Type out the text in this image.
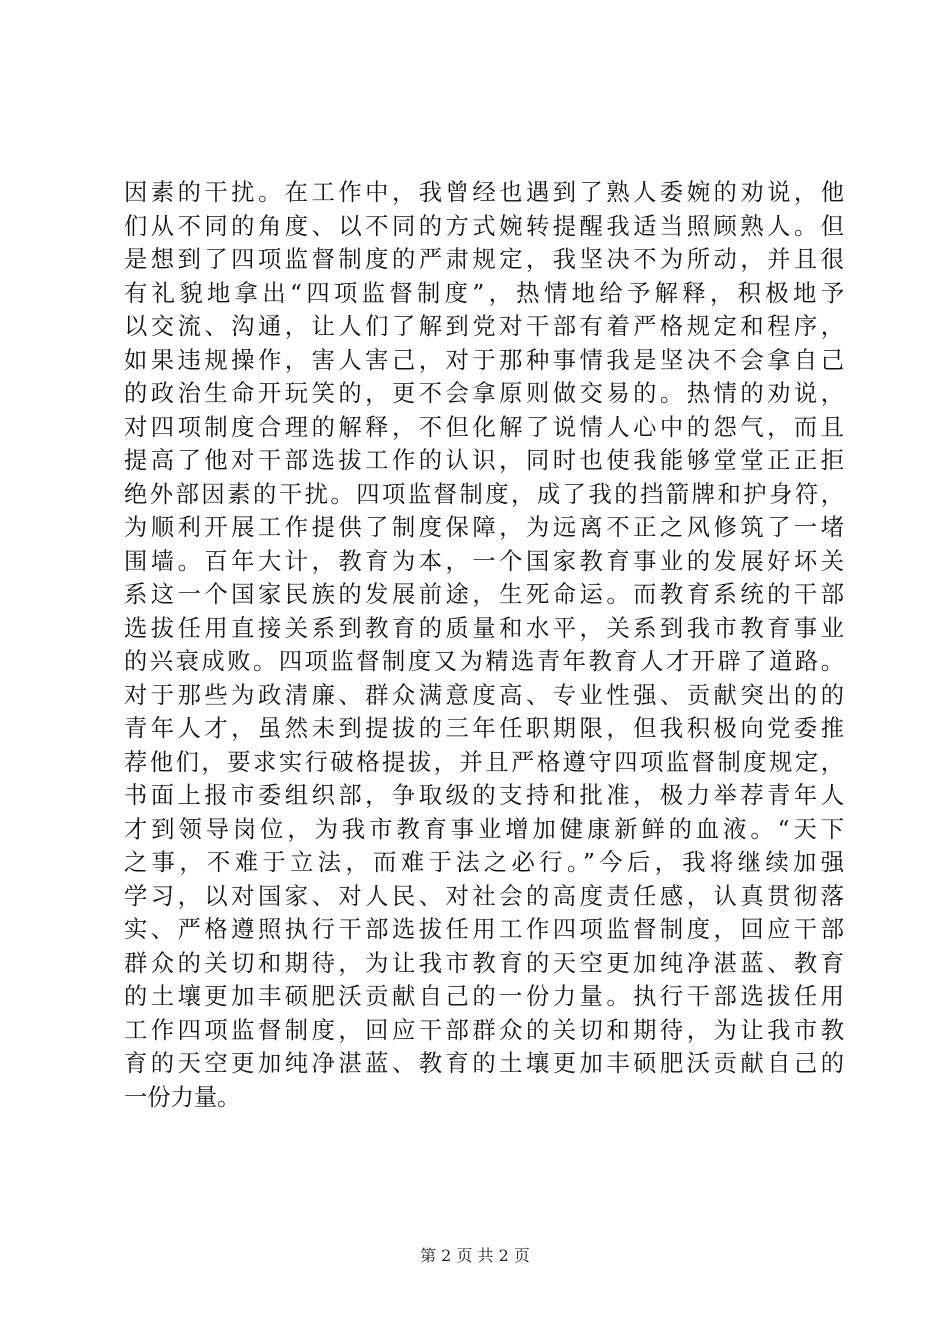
因素的干扰。在工作中，我曾经也遇到了熟人委婉的劝说，他
们从不同的角度、以不同的方式婉转提醒我适当照顾熟人。但
是想到了四项监督制度的严肃规定，我坚决不为所动，并且很
有礼貌地拿出“四项监督制度”，热情地给予解释，积极地予
以交流、沟通，让人们了解到党对干部有着严格规定和程序，
如果违规操作，害人害己，对于那种事情我是坚决不会拿自己
的政治生命开玩笑的，更不会拿原则做交易的。热情的劝说，
对四项制度合理的解释，不但化解了说情人心中的怨气，而且
提高了他对干部选拔工作的认识，同时也使我能够堂堂正正拒
绝外部因素的干扰。四项监督制度，成了我的挡箭牌和护身符，
为顺利开展工作提供了制度保障，为远离不正之风修筑了一堵
围墙。百年大计，教育为本，一个国家教育事业的发展好坏关
系这一个国家民族的发展前途，生死命运。而教育系统的干部
选拔任用直接关系到教育的质量和水平，关系到我市教育事业
的兴衰成败。四项监督制度又为精选青年教育人才开辟了道路。
对于那些为政清廉、群众满意度高、专业性强、贡献突出的的
青年人才，虽然未到提拔的三年任职期限，但我积极向党委推
荐他们，要求实行破格提拔，并且严格遵守四项监督制度规定，
书面上报市委组织部，争取级的支持和批准，极力举荐青年人
才到领导岗位，为我市教育事业增加健康新鲜的血液。“天下
之事，不难于立法，而难于法之必行。”今后，我将继续加强
学习，以对国家、对人民、对社会的高度责任感，认真贯彻落
实、严格遵照执行干部选拔任用工作四项监督制度，回应干部
群众的关切和期待，为让我市教育的天空更加纯净湛蓝、教育
的土壤更加丰硕肥沃贡献自己的一份力量。执行干部选拔任用
工作四项监督制度，回应干部群众的关切和期待，为让我市教
育的天空更加纯净湛蓝、教育的土壤更加丰硕肥沃贡献自己的
一份力量。
第 2 页 共 2 页
